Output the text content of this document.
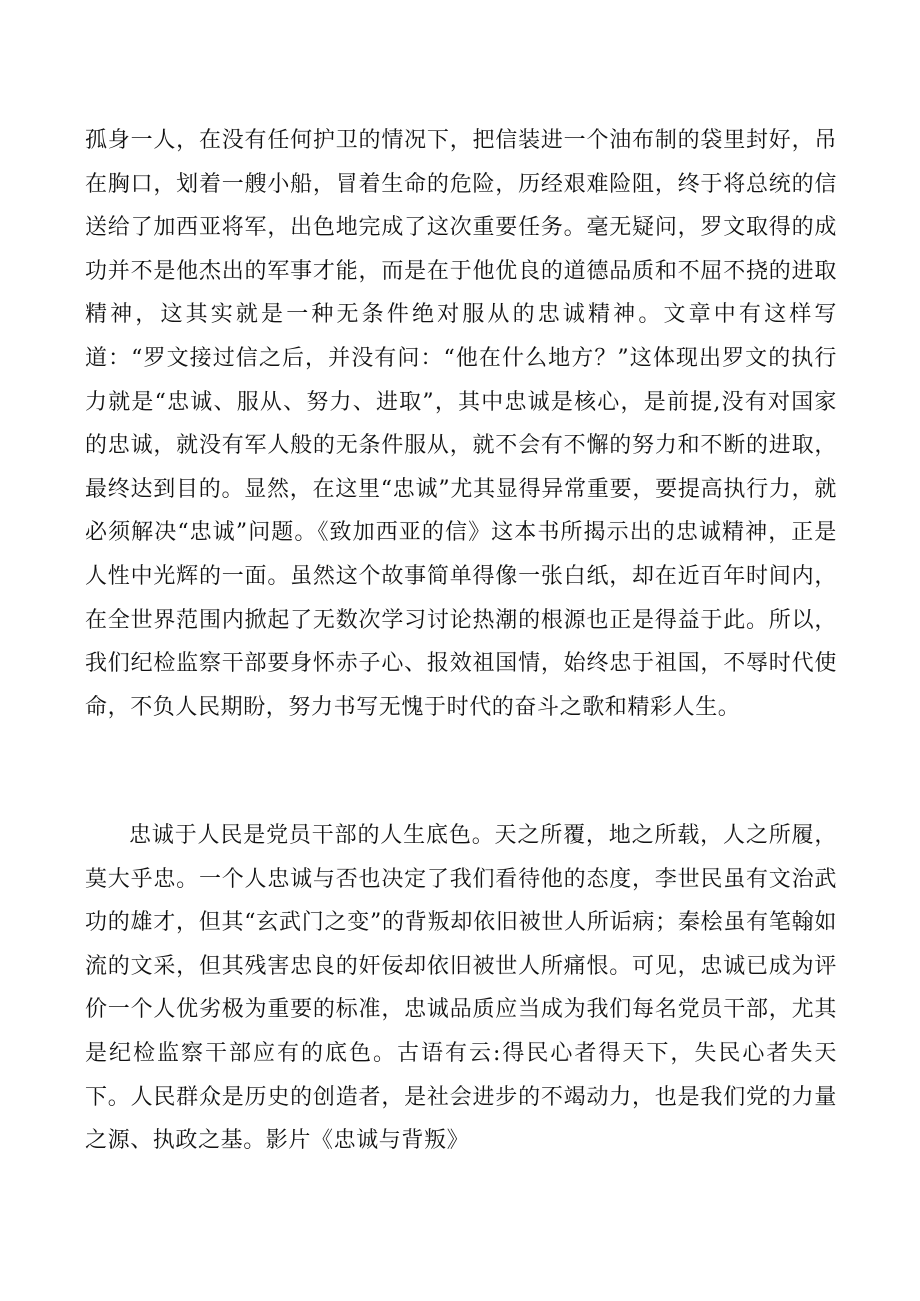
孤身一人，在没有任何护卫的情况下，把信装进一个油布制的袋里封好，吊在胸口，划着一艘小船，冒着生命的危险，历经艰难险阻，终于将总统的信送给了加西亚将军，出色地完成了这次重要任务。毫无疑问，罗文取得的成功并不是他杰出的军事才能，而是在于他优良的道德品质和不屈不挠的进取精神，这其实就是一种无条件绝对服从的忠诚精神。文章中有这样写道：“罗文接过信之后，并没有问：“他在什么地方？”这体现出罗文的执行力就是“忠诚、服从、努力、进取”，其中忠诚是核心，是前提,没有对国家的忠诚，就没有军人般的无条件服从，就不会有不懈的努力和不断的进取，最终达到目的。显然，在这里“忠诚”尤其显得异常重要，要提高执行力，就必须解决“忠诚”问题。《致加西亚的信》这本书所揭示出的忠诚精神，正是人性中光辉的一面。虽然这个故事简单得像一张白纸，却在近百年时间内，在全世界范围内掀起了无数次学习讨论热潮的根源也正是得益于此。所以，我们纪检监察干部要身怀赤子心、报效祖国情，始终忠于祖国，不辱时代使命，不负人民期盼，努力书写无愧于时代的奋斗之歌和精彩人生。

忠诚于人民是党员干部的人生底色。天之所覆，地之所载，人之所履，莫大乎忠。一个人忠诚与否也决定了我们看待他的态度，李世民虽有文治武功的雄才，但其“玄武门之变”的背叛却依旧被世人所诟病；秦桧虽有笔翰如流的文采，但其残害忠良的奸佞却依旧被世人所痛恨。可见，忠诚已成为评价一个人优劣极为重要的标准，忠诚品质应当成为我们每名党员干部，尤其是纪检监察干部应有的底色。古语有云:得民心者得天下，失民心者失天下。人民群众是历史的创造者，是社会进步的不竭动力，也是我们党的力量之源、执政之基。影片《忠诚与背叛》
